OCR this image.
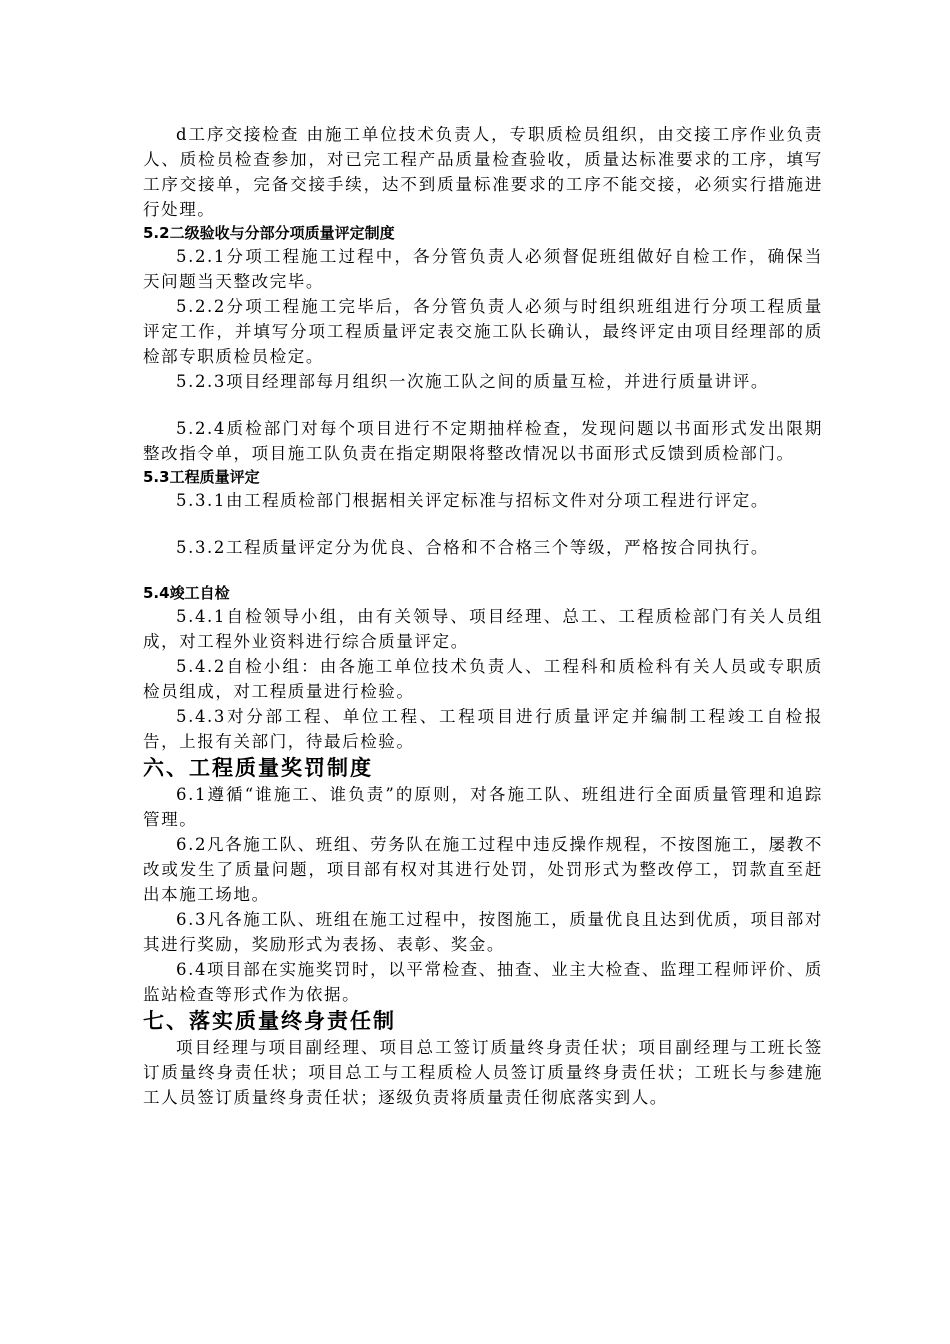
d工序交接检查 由施工单位技术负责人，专职质检员组织，由交接工序作业负责人、质检员检查参加，对已完工程产品质量检查验收，质量达标准要求的工序，填写工序交接单，完备交接手续，达不到质量标准要求的工序不能交接，必须实行措施进行处理。

5.2二级验收与分部分项质量评定制度

5.2.1分项工程施工过程中，各分管负责人必须督促班组做好自检工作，确保当天问题当天整改完毕。

5.2.2分项工程施工完毕后，各分管负责人必须与时组织班组进行分项工程质量评定工作，并填写分项工程质量评定表交施工队长确认，最终评定由项目经理部的质检部专职质检员检定。

5.2.3项目经理部每月组织一次施工队之间的质量互检，并进行质量讲评。

5.2.4质检部门对每个项目进行不定期抽样检查，发现问题以书面形式发出限期整改指令单，项目施工队负责在指定期限将整改情况以书面形式反馈到质检部门。

5.3工程质量评定

5.3.1由工程质检部门根据相关评定标准与招标文件对分项工程进行评定。

5.3.2工程质量评定分为优良、合格和不合格三个等级，严格按合同执行。

5.4竣工自检

5.4.1自检领导小组，由有关领导、项目经理、总工、工程质检部门有关人员组成，对工程外业资料进行综合质量评定。

5.4.2自检小组：由各施工单位技术负责人、工程科和质检科有关人员或专职质检员组成，对工程质量进行检验。

5.4.3对分部工程、单位工程、工程项目进行质量评定并编制工程竣工自检报告，上报有关部门，待最后检验。

六、工程质量奖罚制度

6.1遵循“谁施工、谁负责”的原则，对各施工队、班组进行全面质量管理和追踪管理。

6.2凡各施工队、班组、劳务队在施工过程中违反操作规程，不按图施工，屡教不改或发生了质量问题，项目部有权对其进行处罚，处罚形式为整改停工，罚款直至赶出本施工场地。

6.3凡各施工队、班组在施工过程中，按图施工，质量优良且达到优质，项目部对其进行奖励，奖励形式为表扬、表彰、奖金。

6.4项目部在实施奖罚时，以平常检查、抽查、业主大检查、监理工程师评价、质监站检查等形式作为依据。

七、落实质量终身责任制

项目经理与项目副经理、项目总工签订质量终身责任状；项目副经理与工班长签订质量终身责任状；项目总工与工程质检人员签订质量终身责任状；工班长与参建施工人员签订质量终身责任状；逐级负责将质量责任彻底落实到人。
